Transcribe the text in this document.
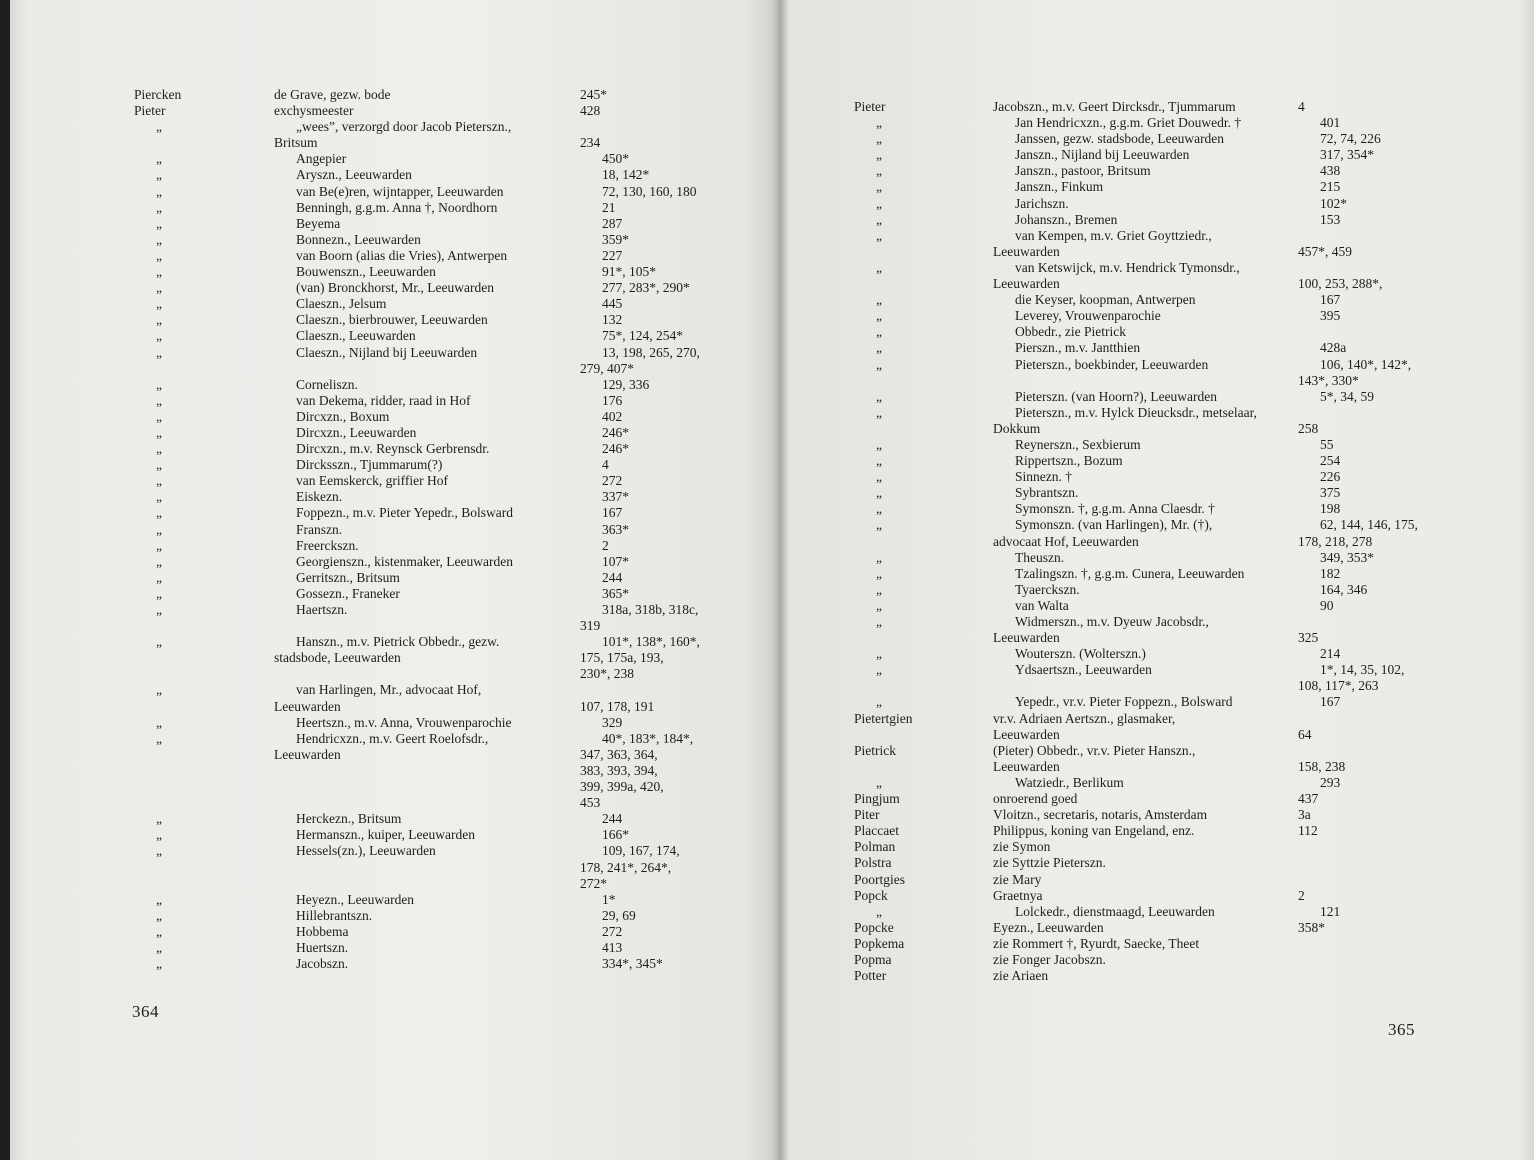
Piercken	de Grave, gezw. bode	245*
Pieter	exchysmeester	428
„	„wees”, verzorgd door Jacob Pieterszn.,
Britsum	234
„	Angepier	450*
„	Aryszn., Leeuwarden	18, 142*
„	van Be(e)ren, wijntapper, Leeuwarden	72, 130, 160, 180
„	Benningh, g.g.m. Anna †, Noordhorn	21
„	Beyema	287
„	Bonnezn., Leeuwarden	359*
„	van Boorn (alias die Vries), Antwerpen	227
„	Bouwenszn., Leeuwarden	91*, 105*
„	(van) Bronckhorst, Mr., Leeuwarden	277, 283*, 290*
„	Claeszn., Jelsum	445
„	Claeszn., bierbrouwer, Leeuwarden	132
„	Claeszn., Leeuwarden	75*, 124, 254*
„	Claeszn., Nijland bij Leeuwarden	13, 198, 265, 270,
279, 407*
„	Corneliszn.	129, 336
„	van Dekema, ridder, raad in Hof	176
„	Dircxzn., Boxum	402
„	Dircxzn., Leeuwarden	246*
„	Dircxzn., m.v. Reynsck Gerbrensdr.	246*
„	Dircksszn., Tjummarum(?)	4
„	van Eemskerck, griffier Hof	272
„	Eiskezn.	337*
„	Foppezn., m.v. Pieter Yepedr., Bolsward	167
„	Franszn.	363*
„	Freerckszn.	2
„	Georgienszn., kistenmaker, Leeuwarden	107*
„	Gerritszn., Britsum	244
„	Gossezn., Franeker	365*
„	Haertszn.	318a, 318b, 318c,
319
„	Hanszn., m.v. Pietrick Obbedr., gezw.	101*, 138*, 160*,
stadsbode, Leeuwarden	175, 175a, 193,
230*, 238
„	van Harlingen, Mr., advocaat Hof,
Leeuwarden	107, 178, 191
„	Heertszn., m.v. Anna, Vrouwenparochie	329
„	Hendricxzn., m.v. Geert Roelofsdr.,	40*, 183*, 184*,
Leeuwarden	347, 363, 364,
383, 393, 394,
399, 399a, 420,
453
„	Herckezn., Britsum	244
„	Hermanszn., kuiper, Leeuwarden	166*
„	Hessels(zn.), Leeuwarden	109, 167, 174,
178, 241*, 264*,
272*
„	Heyezn., Leeuwarden	1*
„	Hillebrantszn.	29, 69
„	Hobbema	272
„	Huertszn.	413
„	Jacobszn.	334*, 345*
364
Pieter	Jacobszn., m.v. Geert Dircksdr., Tjummarum	4
„	Jan Hendricxzn., g.g.m. Griet Douwedr. †	401
„	Janssen, gezw. stadsbode, Leeuwarden	72, 74, 226
„	Janszn., Nijland bij Leeuwarden	317, 354*
„	Janszn., pastoor, Britsum	438
„	Janszn., Finkum	215
„	Jarichszn.	102*
„	Johanszn., Bremen	153
„	van Kempen, m.v. Griet Goyttziedr.,
Leeuwarden	457*, 459
„	van Ketswijck, m.v. Hendrick Tymonsdr.,
Leeuwarden	100, 253, 288*,
„	die Keyser, koopman, Antwerpen	167
„	Leverey, Vrouwenparochie	395
„	Obbedr., zie Pietrick
„	Pierszn., m.v. Jantthien	428a
„	Pieterszn., boekbinder, Leeuwarden	106, 140*, 142*,
143*, 330*
„	Pieterszn. (van Hoorn?), Leeuwarden	5*, 34, 59
„	Pieterszn., m.v. Hylck Dieucksdr., metselaar,
Dokkum	258
„	Reynerszn., Sexbierum	55
„	Rippertszn., Bozum	254
„	Sinnezn. †	226
„	Sybrantszn.	375
„	Symonszn. †, g.g.m. Anna Claesdr. †	198
„	Symonszn. (van Harlingen), Mr. (†),	62, 144, 146, 175,
advocaat Hof, Leeuwarden	178, 218, 278
„	Theuszn.	349, 353*
„	Tzalingszn. †, g.g.m. Cunera, Leeuwarden	182
„	Tyaerckszn.	164, 346
„	van Walta	90
„	Widmerszn., m.v. Dyeuw Jacobsdr.,
Leeuwarden	325
„	Wouterszn. (Wolterszn.)	214
„	Ydsaertszn., Leeuwarden	1*, 14, 35, 102,
108, 117*, 263
„	Yepedr., vr.v. Pieter Foppezn., Bolsward	167
Pietertgien	vr.v. Adriaen Aertszn., glasmaker,
Leeuwarden	64
Pietrick	(Pieter) Obbedr., vr.v. Pieter Hanszn.,
Leeuwarden	158, 238
„	Watziedr., Berlikum	293
Pingjum	onroerend goed	437
Piter	Vloitzn., secretaris, notaris, Amsterdam	3a
Placcaet	Philippus, koning van Engeland, enz.	112
Polman	zie Symon
Polstra	zie Syttzie Pieterszn.
Poortgies	zie Mary
Popck	Graetnya	2
„	Lolckedr., dienstmaagd, Leeuwarden	121
Popcke	Eyezn., Leeuwarden	358*
Popkema	zie Rommert †, Ryurdt, Saecke, Theet
Popma	zie Fonger Jacobszn.
Potter	zie Ariaen
365
